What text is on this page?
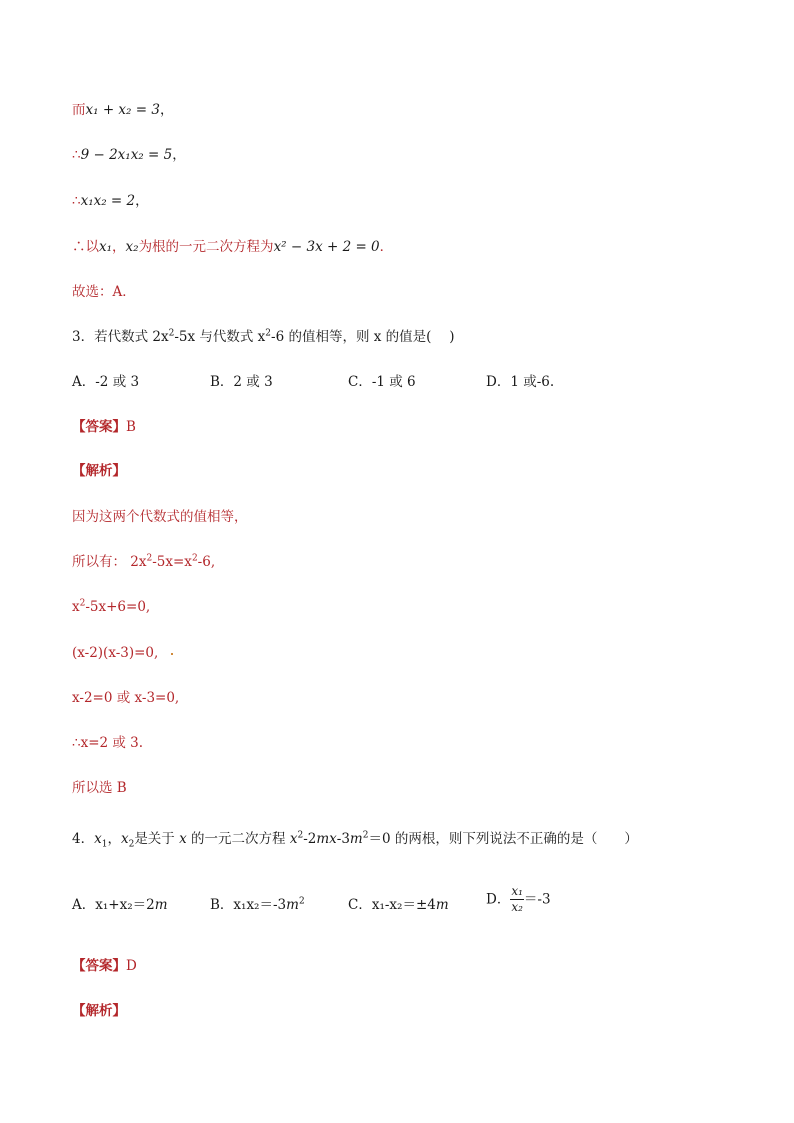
而x₁ + x₂ = 3，
∴9 − 2x₁x₂ = 5，
∴x₁x₂ = 2，
∴以x₁，x₂为根的一元二次方程为x² − 3x + 2 = 0．
故选：A．
3．若代数式 $2x^2-5x$ 与代数式 $x^2-6$ 的值相等，则 x 的值是(　 )
A．-2 或 3	B．2 或 3	C．-1 或 6	D．1 或-6.
【答案】B
【解析】
因为这两个代数式的值相等，
所以有： $2x^2-5x=x^2-6$,
$x^2-5x+6=0$,
(x-2)(x-3)=0,
x-2=0 或 x-3=0,
∴x=2 或 3.
所以选 B
4．$x_1$，$x_2$是关于 x 的一元二次方程 $x^2-2mx-3m^2=0$ 的两根，则下列说法不正确的是（　　）
A．x₁+x₂＝2m	B．$x_1x_2=-3m^2$	C．x₁-x₂＝±4m	D． $\frac{\text{x₁}}{\text{x₂}} =-3$
【答案】D
【解析】
